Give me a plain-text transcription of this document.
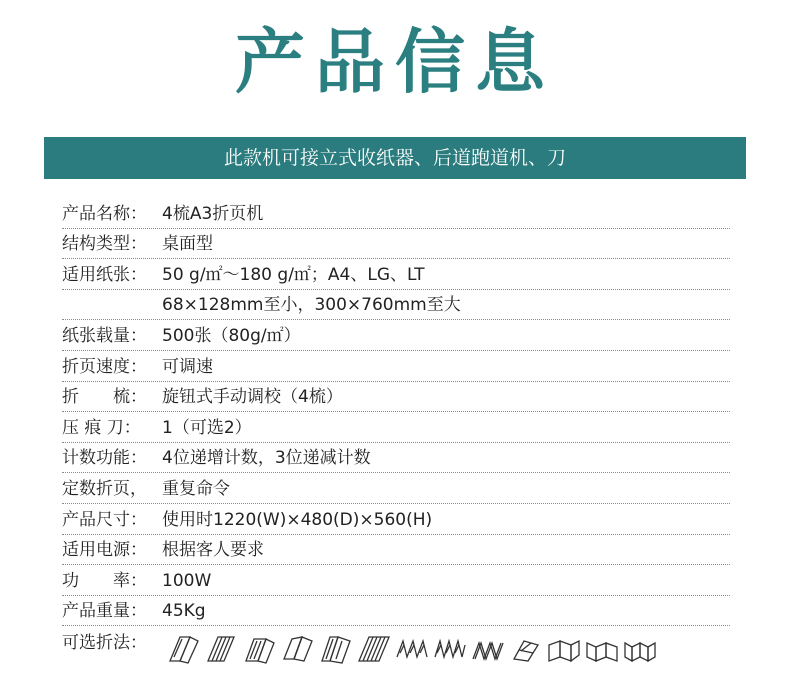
产品信息
此款机可接立式收纸器、后道跑道机、刀
产品名称： 4梳A3折页机
结构类型： 桌面型
适用纸张： 50 g/㎡～180 g/㎡；A4、LG、LT
68×128mm至小，300×760mm至大
纸张载量： 500张（80g/㎡）
折页速度： 可调速
折　　梳： 旋钮式手动调校（4梳）
压 痕 刀：	1（可选2）
计数功能： 4位递增计数，3位递减计数
定数折页， 重复命令
产品尺寸： 使用时1220(W)×480(D)×560(H)
适用电源： 根据客人要求
功　　率： 100W
产品重量： 45Kg
可选折法：
